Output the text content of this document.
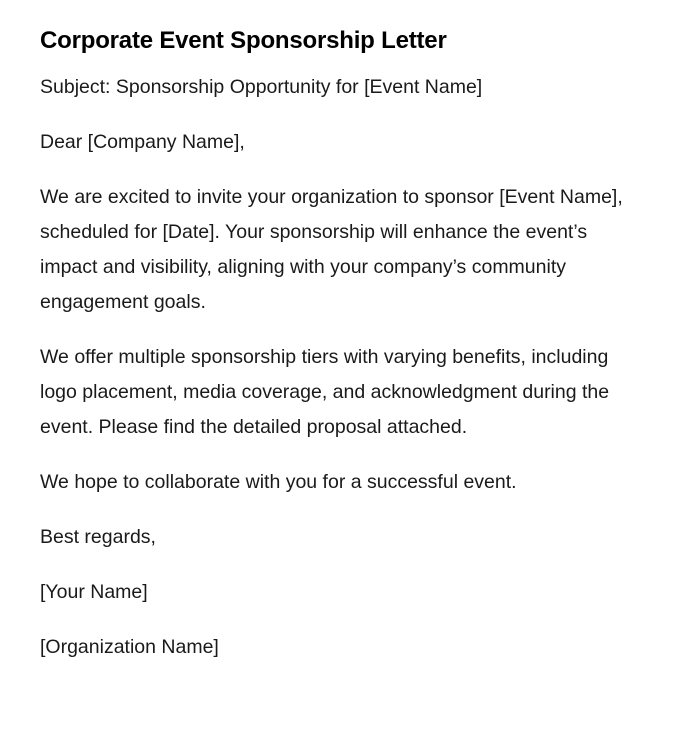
Corporate Event Sponsorship Letter

Subject: Sponsorship Opportunity for [Event Name]

Dear [Company Name],

We are excited to invite your organization to sponsor [Event Name], scheduled for [Date]. Your sponsorship will enhance the event’s impact and visibility, aligning with your company’s community engagement goals.

We offer multiple sponsorship tiers with varying benefits, including logo placement, media coverage, and acknowledgment during the event. Please find the detailed proposal attached.

We hope to collaborate with you for a successful event.

Best regards,

[Your Name]

[Organization Name]
